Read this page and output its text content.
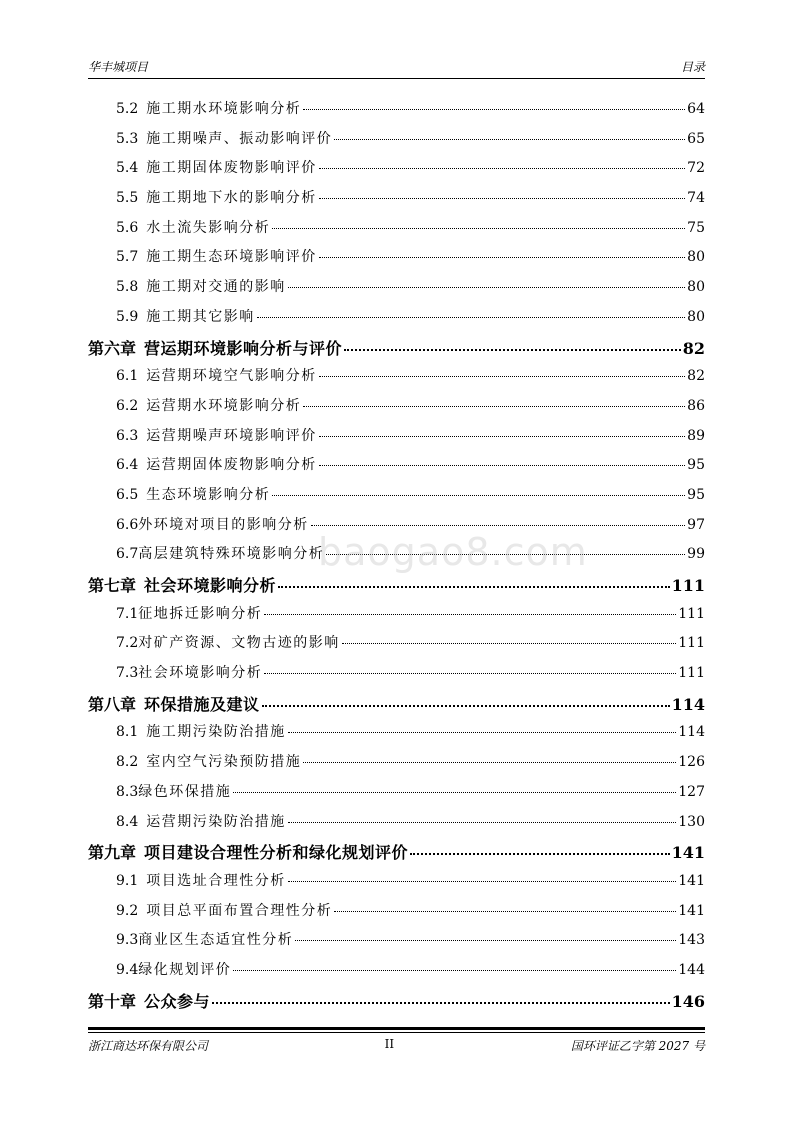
华丰城项目	目录
5.2 施工期水环境影响分析	64
5.3 施工期噪声、振动影响评价	65
5.4 施工期固体废物影响评价	72
5.5 施工期地下水的影响分析	74
5.6 水土流失影响分析	75
5.7 施工期生态环境影响评价	80
5.8 施工期对交通的影响	80
5.9 施工期其它影响	80
第六章 营运期环境影响分析与评价	82
6.1 运营期环境空气影响分析	82
6.2 运营期水环境影响分析	86
6.3 运营期噪声环境影响评价	89
6.4 运营期固体废物影响分析	95
6.5 生态环境影响分析	95
6.6 外环境对项目的影响分析	97
6.7 高层建筑特殊环境影响分析	99
第七章 社会环境影响分析	111
7.1 征地拆迁影响分析	111
7.2 对矿产资源、文物古迹的影响	111
7.3 社会环境影响分析	111
第八章 环保措施及建议	114
8.1 施工期污染防治措施	114
8.2 室内空气污染预防措施	126
8.3 绿色环保措施	127
8.4 运营期污染防治措施	130
第九章 项目建设合理性分析和绿化规划评价	141
9.1 项目选址合理性分析	141
9.2 项目总平面布置合理性分析	141
9.3 商业区生态适宜性分析	143
9.4 绿化规划评价	144
第十章 公众参与	146
baogao8.com
浙江商达环保有限公司	II	国环评证乙字第 2027 号
